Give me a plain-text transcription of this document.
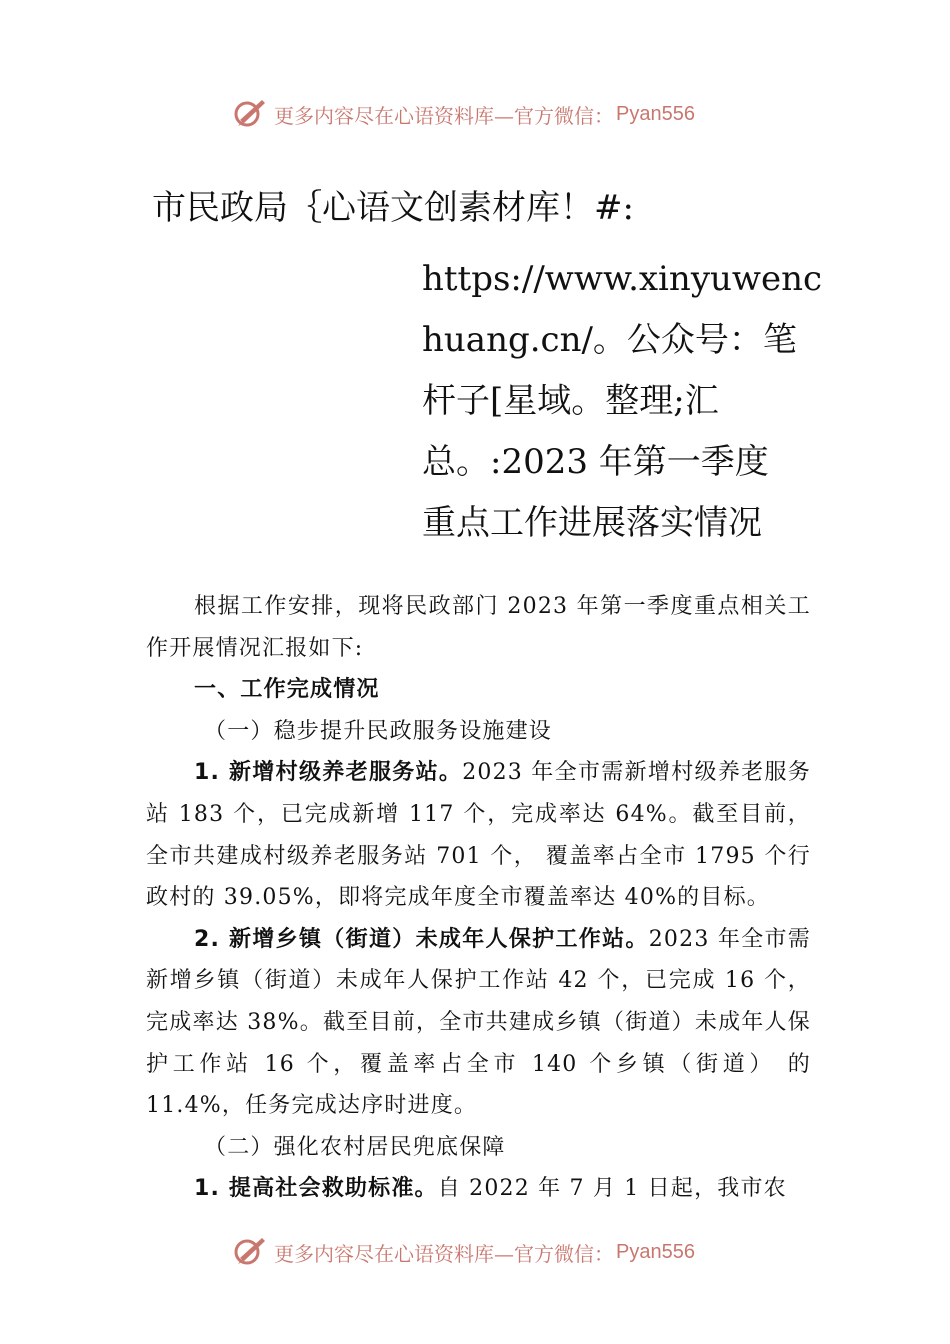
更多内容尽在心语资料库—官方微信： Pyan556
市民政局｛心语文创素材库！#:
https://www.xinyuwenc
huang.cn/。公众号：笔
杆子[星域。整理;汇
总。:2023 年第一季度
重点工作进展落实情况

根据工作安排，现将民政部门 2023 年第一季度重点相关工作开展情况汇报如下:

一、工作完成情况

（一）稳步提升民政服务设施建设

1. 新增村级养老服务站。2023 年全市需新增村级养老服务站 183 个，已完成新增 117 个，完成率达 64%。截至目前，全市共建成村级养老服务站 701 个， 覆盖率占全市 1795 个行政村的 39.05%，即将完成年度全市覆盖率达 40%的目标。

2. 新增乡镇（街道）未成年人保护工作站。2023 年全市需新增乡镇（街道）未成年人保护工作站 42 个，已完成 16 个，完成率达 38%。截至目前，全市共建成乡镇（街道）未成年人保护工作站 16 个，覆盖率占全市 140 个乡镇（街道） 的 11.4%，任务完成达序时进度。

（二）强化农村居民兜底保障

1. 提高社会救助标准。自 2022 年 7 月 1 日起，我市农

更多内容尽在心语资料库—官方微信： Pyan556
